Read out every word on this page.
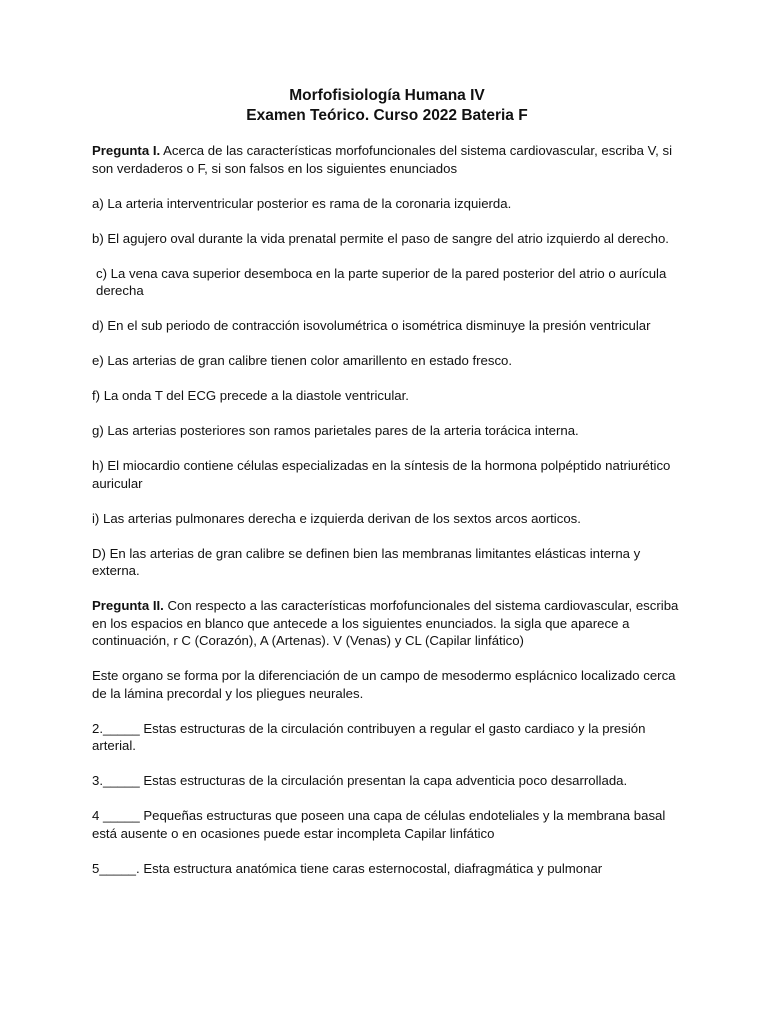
Morfofisiología Humana IV
Examen Teórico. Curso 2022 Bateria F

Pregunta I. Acerca de las características morfofuncionales del sistema cardiovascular, escriba V, si son verdaderos o F, si son falsos en los siguientes enunciados

a) La arteria interventricular posterior es rama de la coronaria izquierda.

b) El agujero oval durante la vida prenatal permite el paso de sangre del atrio izquierdo al derecho.

c) La vena cava superior desemboca en la parte superior de la pared posterior del atrio o aurícula derecha

d) En el sub periodo de contracción isovolumétrica o isométrica disminuye la presión ventricular

e) Las arterias de gran calibre tienen color amarillento en estado fresco.

f) La onda T del ECG precede a la diastole ventricular.

g) Las arterias posteriores son ramos parietales pares de la arteria torácica interna.

h) El miocardio contiene células especializadas en la síntesis de la hormona polpéptido natriurético auricular

i) Las arterias pulmonares derecha e izquierda derivan de los sextos arcos aorticos.

D) En las arterias de gran calibre se definen bien las membranas limitantes elásticas interna y externa.

Pregunta II. Con respecto a las características morfofuncionales del sistema cardiovascular, escriba en los espacios en blanco que antecede a los siguientes enunciados. la sigla que aparece a continuación, r C (Corazón), A (Artenas). V (Venas) y CL (Capilar linfático)

Este organo se forma por la diferenciación de un campo de mesodermo esplácnico localizado cerca de la lámina precordal y los pliegues neurales.

2._____ Estas estructuras de la circulación contribuyen a regular el gasto cardiaco y la presión arterial.

3._____ Estas estructuras de la circulación presentan la capa adventicia poco desarrollada.

4 _____ Pequeñas estructuras que poseen una capa de células endoteliales y la membrana basal está ausente o en ocasiones puede estar incompleta Capilar linfático

5_____. Esta estructura anatómica tiene caras esternocostal, diafragmática y pulmonar
